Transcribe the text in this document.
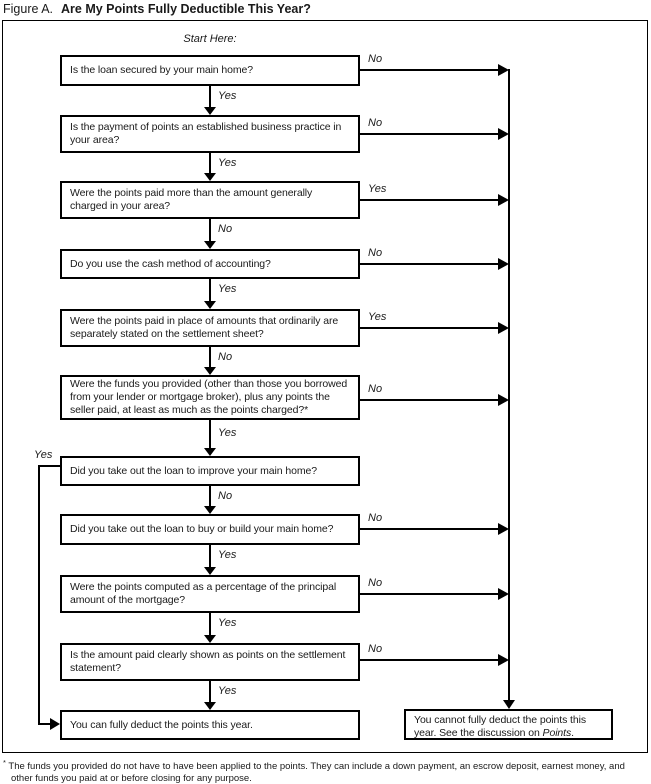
Figure A. Are My Points Fully Deductible This Year?
Start Here:
Is the loan secured by your main home?
Is the payment of points an established business practice in your area?
Were the points paid more than the amount generally charged in your area?
Do you use the cash method of accounting?
Were the points paid in place of amounts that ordinarily are separately stated on the settlement sheet?
Were the funds you provided (other than those you borrowed from your lender or mortgage broker), plus any points the seller paid, at least as much as the points charged?*
Did you take out the loan to improve your main home?
Did you take out the loan to buy or build your main home?
Were the points computed as a percentage of the principal amount of the mortgage?
Is the amount paid clearly shown as points on the settlement statement?
You can fully deduct the points this year.	You cannot fully deduct the points this year. See the discussion on Points.
Yes
Yes
No
Yes
No
Yes
No
Yes
Yes
Yes
No
No
Yes
No
Yes
No
No
No
No
Yes
* The funds you provided do not have to have been applied to the points. They can include a down payment, an escrow deposit, earnest money, and other funds you paid at or before closing for any purpose.
